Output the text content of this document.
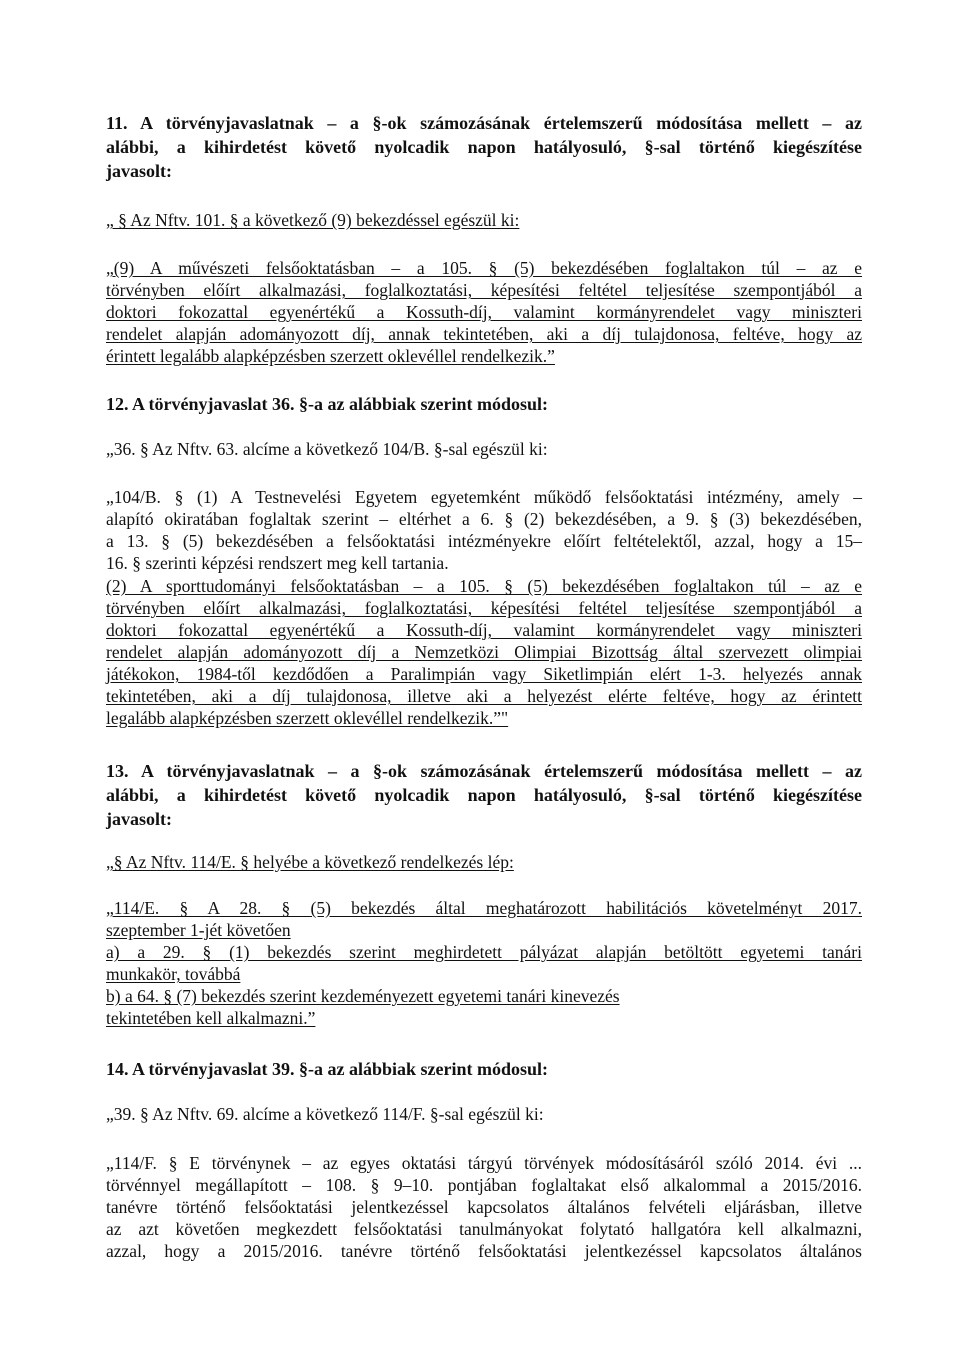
11. A törvényjavaslatnak – a §-ok számozásának értelemszerű módosítása mellett – az
alábbi, a kihirdetést követő nyolcadik napon hatályosuló, §-sal történő kiegészítése
javasolt:
„ § Az Nftv. 101. § a következő (9) bekezdéssel egészül ki:
„(9) A művészeti felsőoktatásban – a 105. § (5) bekezdésében foglaltakon túl – az e
törvényben előírt alkalmazási, foglalkoztatási, képesítési feltétel teljesítése szempontjából a
doktori fokozattal egyenértékű a Kossuth-díj, valamint kormányrendelet vagy miniszteri
rendelet alapján adományozott díj, annak tekintetében, aki a díj tulajdonosa, feltéve, hogy az
érintett legalább alapképzésben szerzett oklevéllel rendelkezik.”
12. A törvényjavaslat 36. §-a az alábbiak szerint módosul:
„36. § Az Nftv. 63. alcíme a következő 104/B. §-sal egészül ki:
„104/B. § (1) A Testnevelési Egyetem egyetemként működő felsőoktatási intézmény, amely –
alapító okiratában foglaltak szerint – eltérhet a 6. § (2) bekezdésében, a 9. § (3) bekezdésében,
a 13. § (5) bekezdésében a felsőoktatási intézményekre előírt feltételektől, azzal, hogy a 15–
16. § szerinti képzési rendszert meg kell tartania.
(2) A sporttudományi felsőoktatásban – a 105. § (5) bekezdésében foglaltakon túl – az e
törvényben előírt alkalmazási, foglalkoztatási, képesítési feltétel teljesítése szempontjából a
doktori fokozattal egyenértékű a Kossuth-díj, valamint kormányrendelet vagy miniszteri
rendelet alapján adományozott díj a Nemzetközi Olimpiai Bizottság által szervezett olimpiai
játékokon, 1984-től kezdődően a Paralimpián vagy Siketlimpián elért 1-3. helyezés annak
tekintetében, aki a díj tulajdonosa, illetve aki a helyezést elérte feltéve, hogy az érintett
legalább alapképzésben szerzett oklevéllel rendelkezik.”"
13. A törvényjavaslatnak – a §-ok számozásának értelemszerű módosítása mellett – az
alábbi, a kihirdetést követő nyolcadik napon hatályosuló, §-sal történő kiegészítése
javasolt:
„§ Az Nftv. 114/E. § helyébe a következő rendelkezés lép:
„114/E. § A 28. § (5) bekezdés által meghatározott habilitációs követelményt 2017.
szeptember 1-jét követően
a) a 29. § (1) bekezdés szerint meghirdetett pályázat alapján betöltött egyetemi tanári
munkakör, továbbá
b) a 64. § (7) bekezdés szerint kezdeményezett egyetemi tanári kinevezés
tekintetében kell alkalmazni.”
14. A törvényjavaslat 39. §-a az alábbiak szerint módosul:
„39. § Az Nftv. 69. alcíme a következő 114/F. §-sal egészül ki:
„114/F. § E törvénynek – az egyes oktatási tárgyú törvények módosításáról szóló 2014. évi ...
törvénnyel megállapított – 108. § 9–10. pontjában foglaltakat első alkalommal a 2015/2016.
tanévre történő felsőoktatási jelentkezéssel kapcsolatos általános felvételi eljárásban, illetve
az azt követően megkezdett felsőoktatási tanulmányokat folytató hallgatóra kell alkalmazni,
azzal, hogy a 2015/2016. tanévre történő felsőoktatási jelentkezéssel kapcsolatos általános
